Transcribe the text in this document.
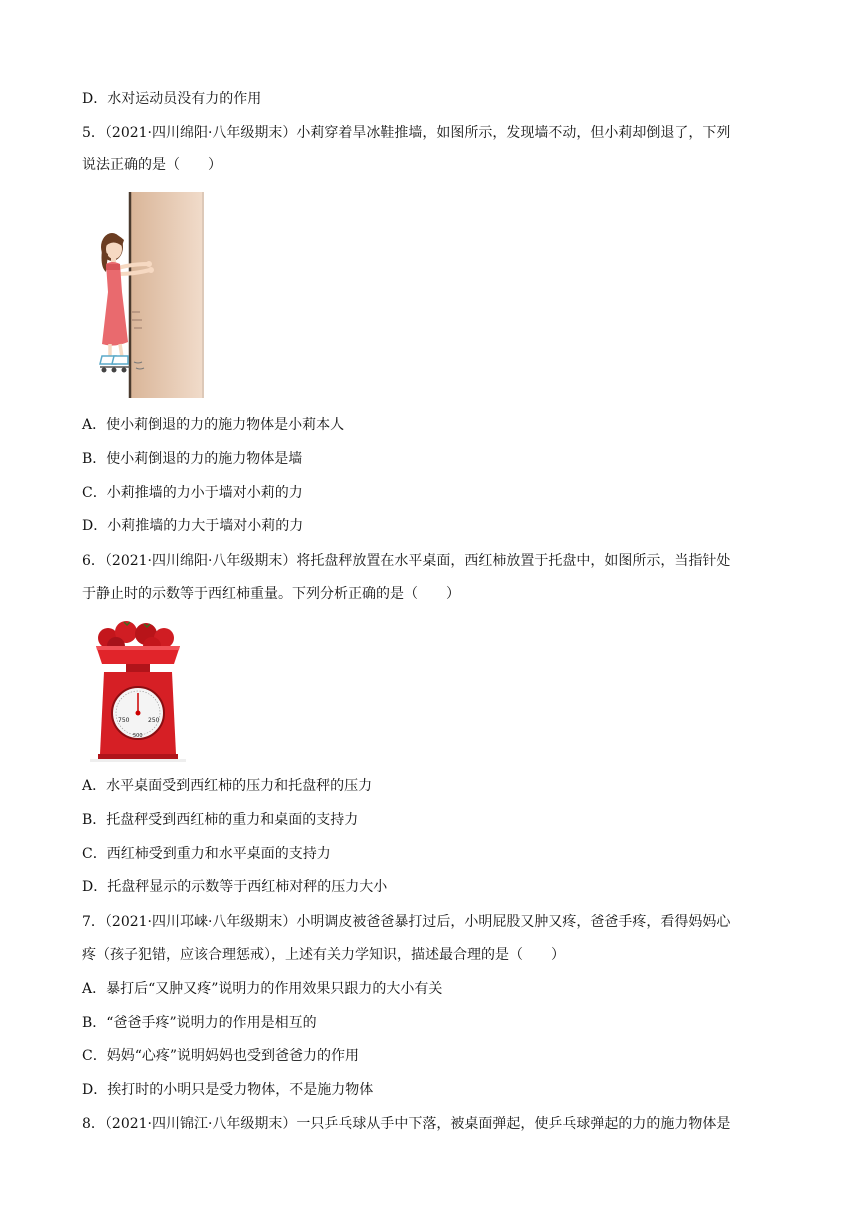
D．水对运动员没有力的作用
5．（2021·四川绵阳·八年级期末）小莉穿着旱冰鞋推墙，如图所示，发现墙不动，但小莉却倒退了，下列
说法正确的是（　　）
A．使小莉倒退的力的施力物体是小莉本人
B．使小莉倒退的力的施力物体是墙
C．小莉推墙的力小于墙对小莉的力
D．小莉推墙的力大于墙对小莉的力
6．（2021·四川绵阳·八年级期末）将托盘秤放置在水平桌面，西红柿放置于托盘中，如图所示，当指针处
于静止时的示数等于西红柿重量。下列分析正确的是（　　）
750	250
500
A．水平桌面受到西红柿的压力和托盘秤的压力
B．托盘秤受到西红柿的重力和桌面的支持力
C．西红柿受到重力和水平桌面的支持力
D．托盘秤显示的示数等于西红柿对秤的压力大小
7．（2021·四川邛崃·八年级期末）小明调皮被爸爸暴打过后，小明屁股又肿又疼，爸爸手疼，看得妈妈心
疼（孩子犯错，应该合理惩戒），上述有关力学知识，描述最合理的是（　　）
A．暴打后“又肿又疼”说明力的作用效果只跟力的大小有关
B．“爸爸手疼”说明力的作用是相互的
C．妈妈“心疼”说明妈妈也受到爸爸力的作用
D．挨打时的小明只是受力物体，不是施力物体
8．（2021·四川锦江·八年级期末）一只乒乓球从手中下落，被桌面弹起，使乒乓球弹起的力的施力物体是
